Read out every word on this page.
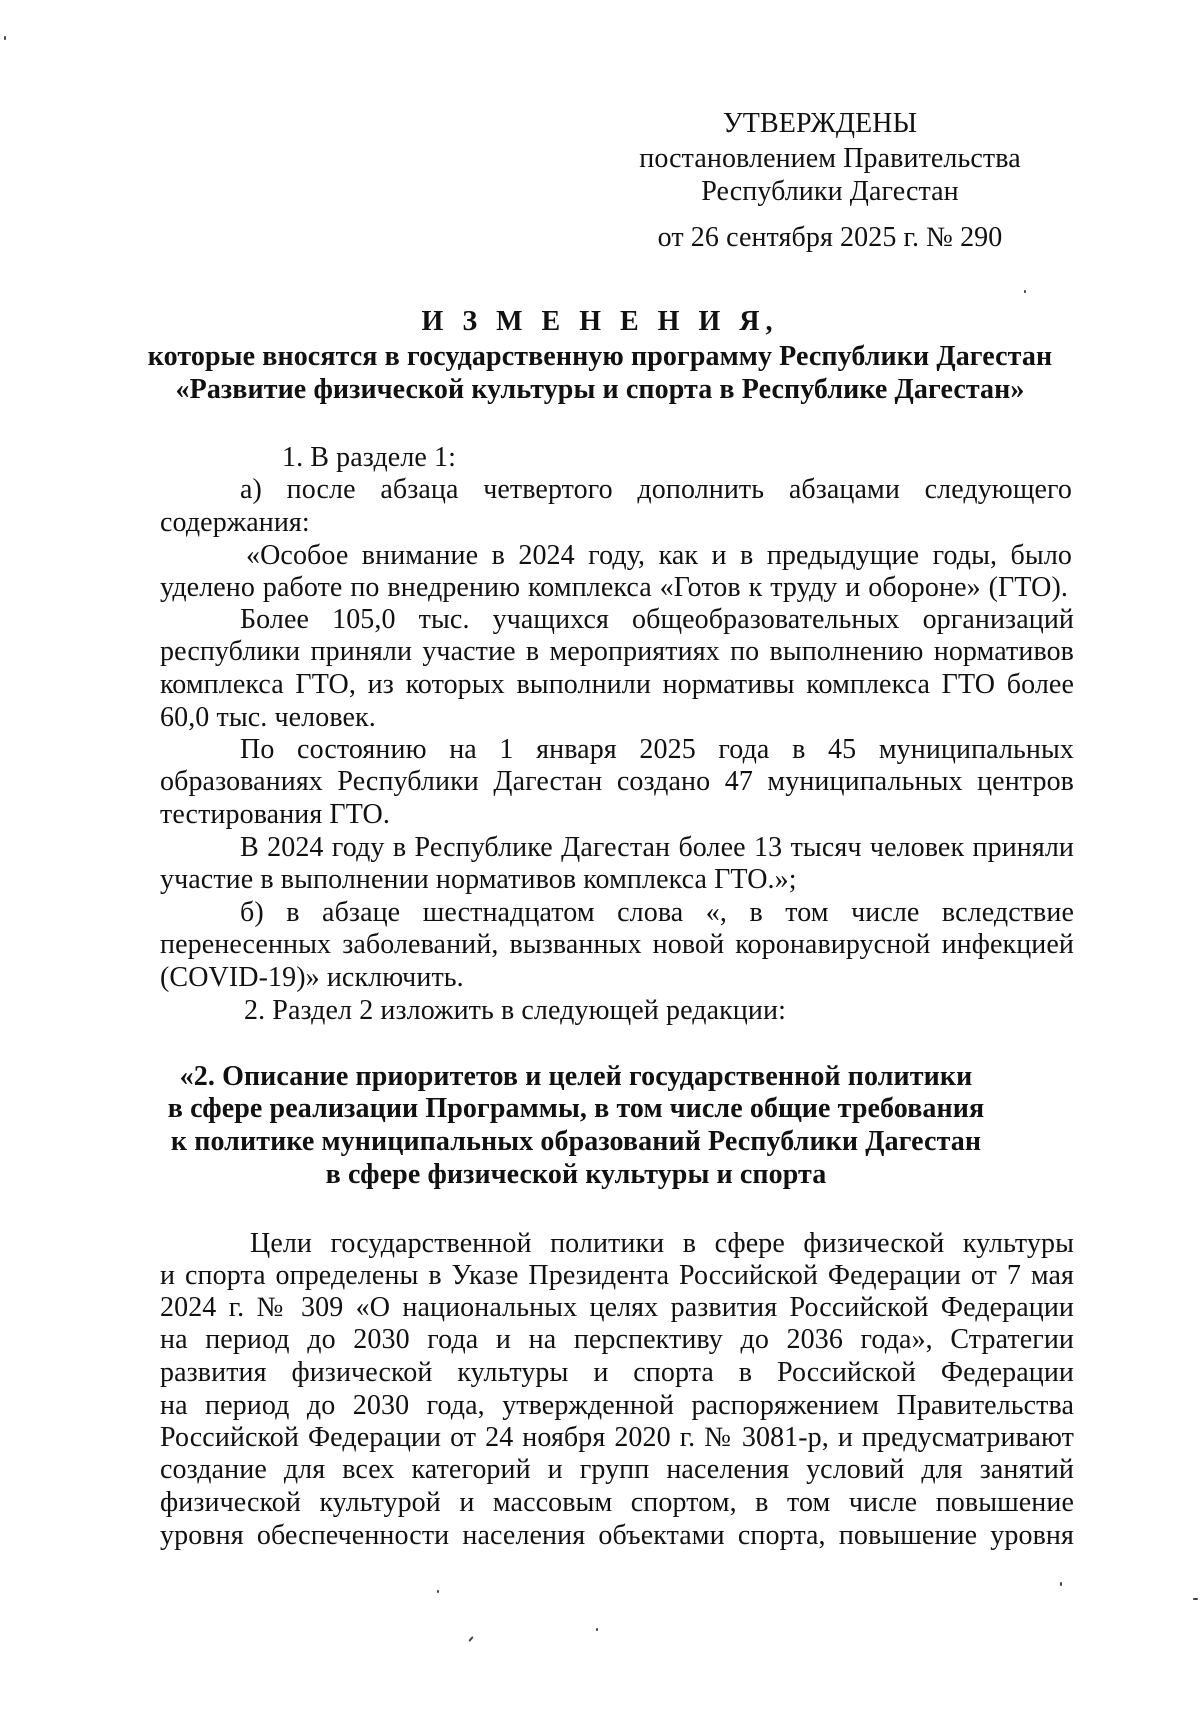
УТВЕРЖДЕНЫ
постановлением Правительства
Республики Дагестан
от 26 сентября 2025 г. № 290
И З М Е Н Е Н И Я,
которые вносятся в государственную программу Республики Дагестан
«Развитие физической культуры и спорта в Республике Дагестан»
1. В разделе 1:
а) после абзаца четвертого дополнить абзацами следующего
содержания:
«Особое внимание в 2024 году, как и в предыдущие годы, было
уделено работе по внедрению комплекса «Готов к труду и обороне» (ГТО).
Более 105,0 тыс. учащихся общеобразовательных организаций
республики приняли участие в мероприятиях по выполнению нормативов
комплекса ГТО, из которых выполнили нормативы комплекса ГТО более
60,0 тыс. человек.
По состоянию на 1 января 2025 года в 45 муниципальных
образованиях Республики Дагестан создано 47 муниципальных центров
тестирования ГТО.
В 2024 году в Республике Дагестан более 13 тысяч человек приняли
участие в выполнении нормативов комплекса ГТО.»;
б) в абзаце шестнадцатом слова «, в том числе вследствие
перенесенных заболеваний, вызванных новой коронавирусной инфекцией
(COVID-19)» исключить.
2. Раздел 2 изложить в следующей редакции:
«2. Описание приоритетов и целей государственной политики
в сфере реализации Программы, в том числе общие требования
к политике муниципальных образований Республики Дагестан
в сфере физической культуры и спорта
Цели государственной политики в сфере физической культуры
и спорта определены в Указе Президента Российской Федерации от 7 мая
2024 г. № 309 «О национальных целях развития Российской Федерации
на период до 2030 года и на перспективу до 2036 года», Стратегии
развития физической культуры и спорта в Российской Федерации
на период до 2030 года, утвержденной распоряжением Правительства
Российской Федерации от 24 ноября 2020 г. № 3081-р, и предусматривают
создание для всех категорий и групп населения условий для занятий
физической культурой и массовым спортом, в том числе повышение
уровня обеспеченности населения объектами спорта, повышение уровня
